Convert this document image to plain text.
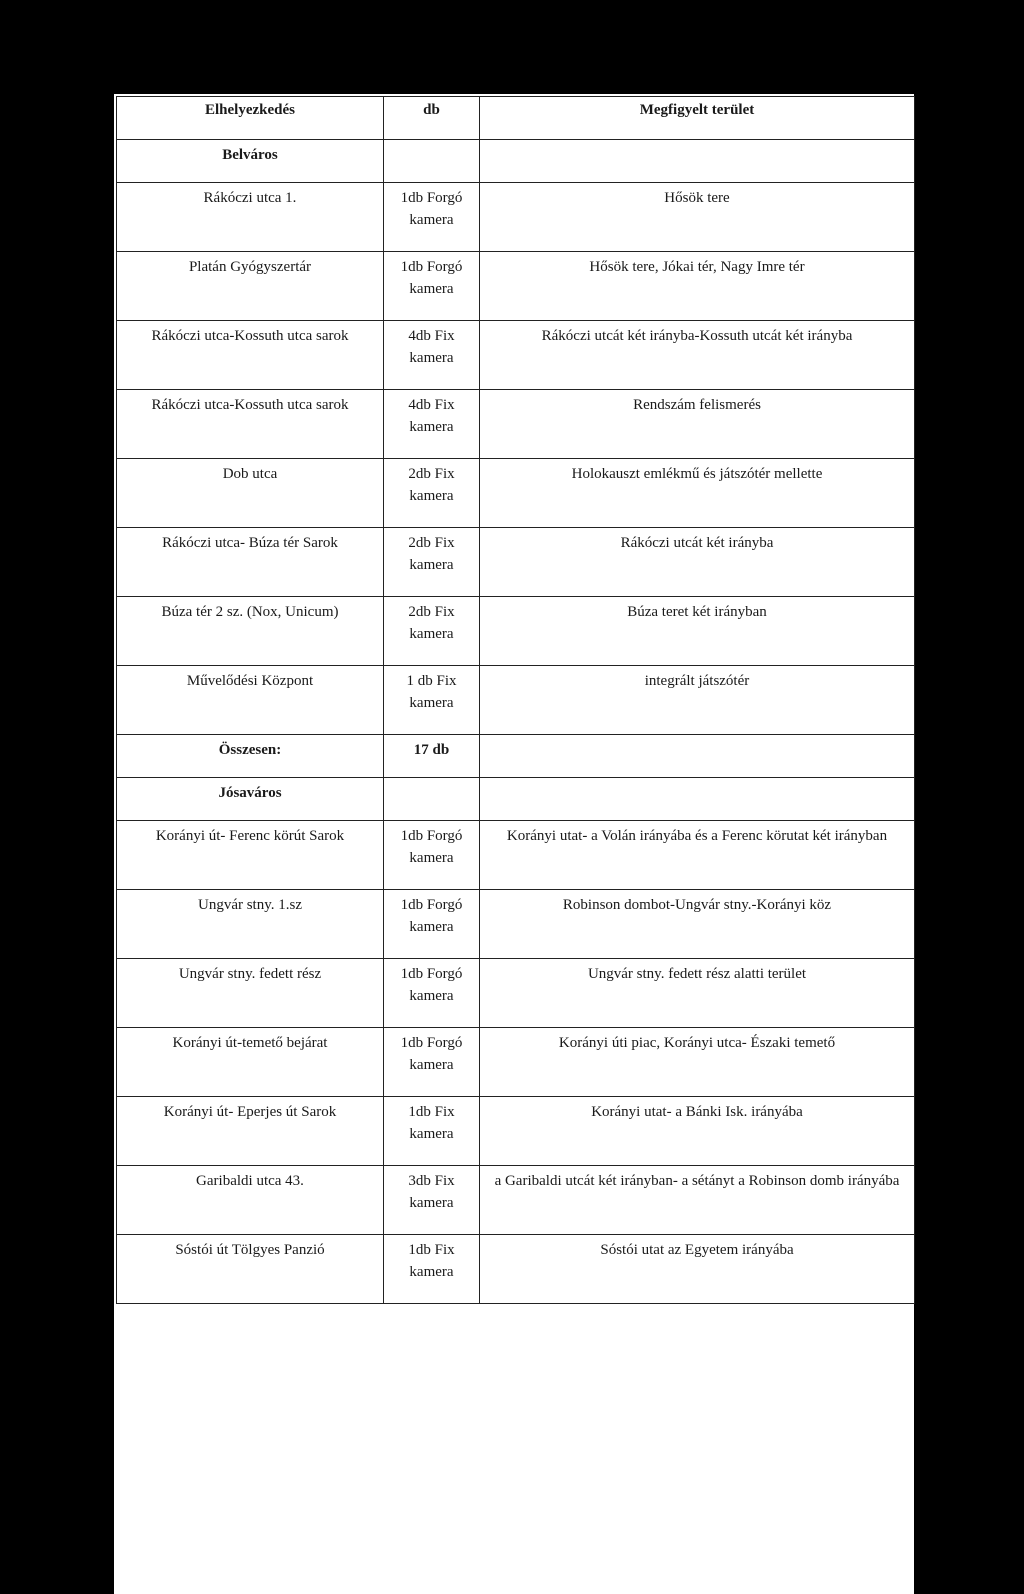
Elhelyezkedés	db	Megfigyelt terület
Belváros		
Rákóczi utca 1.	1db Forgó kamera	Hősök tere
Platán Gyógyszertár	1db Forgó kamera	Hősök tere, Jókai tér, Nagy Imre tér
Rákóczi utca-Kossuth utca sarok	4db Fix kamera	Rákóczi utcát két irányba-Kossuth utcát két irányba
Rákóczi utca-Kossuth utca sarok	4db Fix kamera	Rendszám felismerés
Dob utca	2db Fix kamera	Holokauszt emlékmű és játszótér mellette
Rákóczi utca- Búza tér Sarok	2db Fix kamera	Rákóczi utcát két irányba
Búza tér 2 sz. (Nox, Unicum)	2db Fix kamera	Búza teret két irányban
Művelődési Központ	1 db Fix kamera	integrált játszótér
Összesen:	17 db	
Jósaváros		
Korányi út- Ferenc körút Sarok	1db Forgó kamera	Korányi utat- a Volán irányába és a Ferenc körutat két irányban
Ungvár stny. 1.sz	1db Forgó kamera	Robinson dombot-Ungvár stny.-Korányi köz
Ungvár stny. fedett rész	1db Forgó kamera	Ungvár stny. fedett rész alatti terület
Korányi út-temető bejárat	1db Forgó kamera	Korányi úti piac, Korányi utca- Északi temető
Korányi út- Eperjes út Sarok	1db Fix kamera	Korányi utat- a Bánki Isk. irányába
Garibaldi utca 43.	3db Fix kamera	a Garibaldi utcát két irányban- a sétányt a Robinson domb irányába
Sóstói út Tölgyes Panzió	1db Fix kamera	Sóstói utat az Egyetem irányába
